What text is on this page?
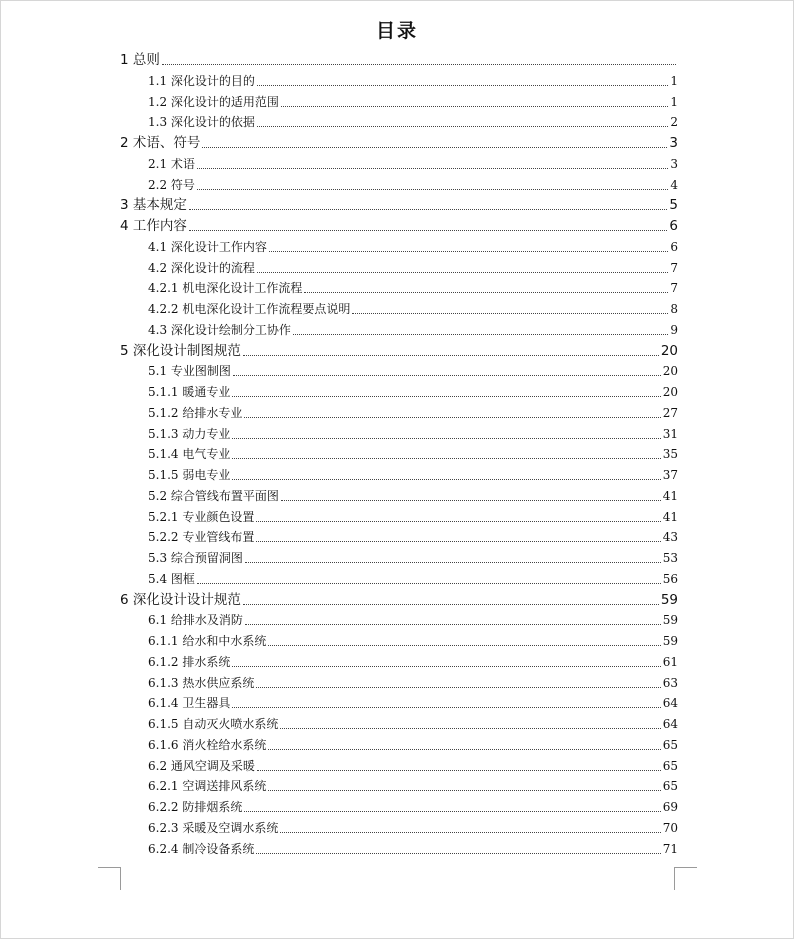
目录
1 总则
1.1 深化设计的目的	1
1.2 深化设计的适用范围	1
1.3 深化设计的依据	2
2 术语、符号	3
2.1 术语	3
2.2 符号	4
3 基本规定	5
4 工作内容	6
4.1 深化设计工作内容	6
4.2 深化设计的流程	7
4.2.1 机电深化设计工作流程	7
4.2.2 机电深化设计工作流程要点说明	8
4.3 深化设计绘制分工协作	9
5 深化设计制图规范	20
5.1 专业图制图	20
5.1.1 暖通专业	20
5.1.2 给排水专业	27
5.1.3 动力专业	31
5.1.4 电气专业	35
5.1.5 弱电专业	37
5.2 综合管线布置平面图	41
5.2.1 专业颜色设置	41
5.2.2 专业管线布置	43
5.3 综合预留洞图	53
5.4 图框	56
6 深化设计设计规范	59
6.1 给排水及消防	59
6.1.1 给水和中水系统	59
6.1.2 排水系统	61
6.1.3 热水供应系统	63
6.1.4 卫生器具	64
6.1.5 自动灭火喷水系统	64
6.1.6 消火栓给水系统	65
6.2 通风空调及采暖	65
6.2.1 空调送排风系统	65
6.2.2 防排烟系统	69
6.2.3 采暖及空调水系统	70
6.2.4 制冷设备系统	71
